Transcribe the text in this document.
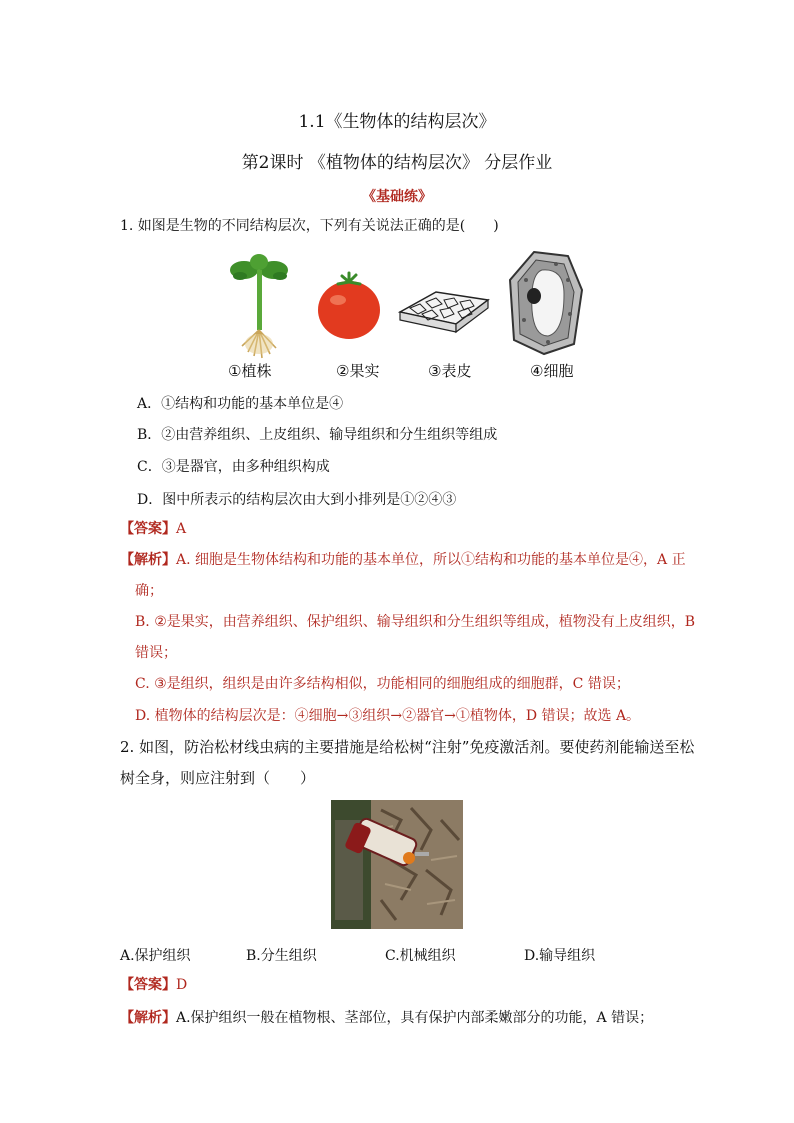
1.1《生物体的结构层次》
第2课时 《植物体的结构层次》 分层作业
《基础练》
1. 如图是生物的不同结构层次，下列有关说法正确的是(　　)
①植株	②果实	③表皮	④细胞
A．①结构和功能的基本单位是④
B．②由营养组织、上皮组织、输导组织和分生组织等组成
C．③是器官，由多种组织构成
D．图中所表示的结构层次由大到小排列是①②④③
【答案】A
【解析】A. 细胞是生物体结构和功能的基本单位，所以①结构和功能的基本单位是④，A 正
确；
B. ②是果实，由营养组织、保护组织、输导组织和分生组织等组成，植物没有上皮组织，B
错误；
C. ③是组织，组织是由许多结构相似，功能相同的细胞组成的细胞群，C 错误；
D. 植物体的结构层次是：④细胞→③组织→②器官→①植物体，D 错误；故选 A。
2. 如图，防治松材线虫病的主要措施是给松树“注射”免疫激活剂。要使药剂能输送至松
树全身，则应注射到（　　）
A.保护组织	B.分生组织	C.机械组织	D.输导组织
【答案】D
【解析】A.保护组织一般在植物根、茎部位，具有保护内部柔嫩部分的功能，A 错误；
